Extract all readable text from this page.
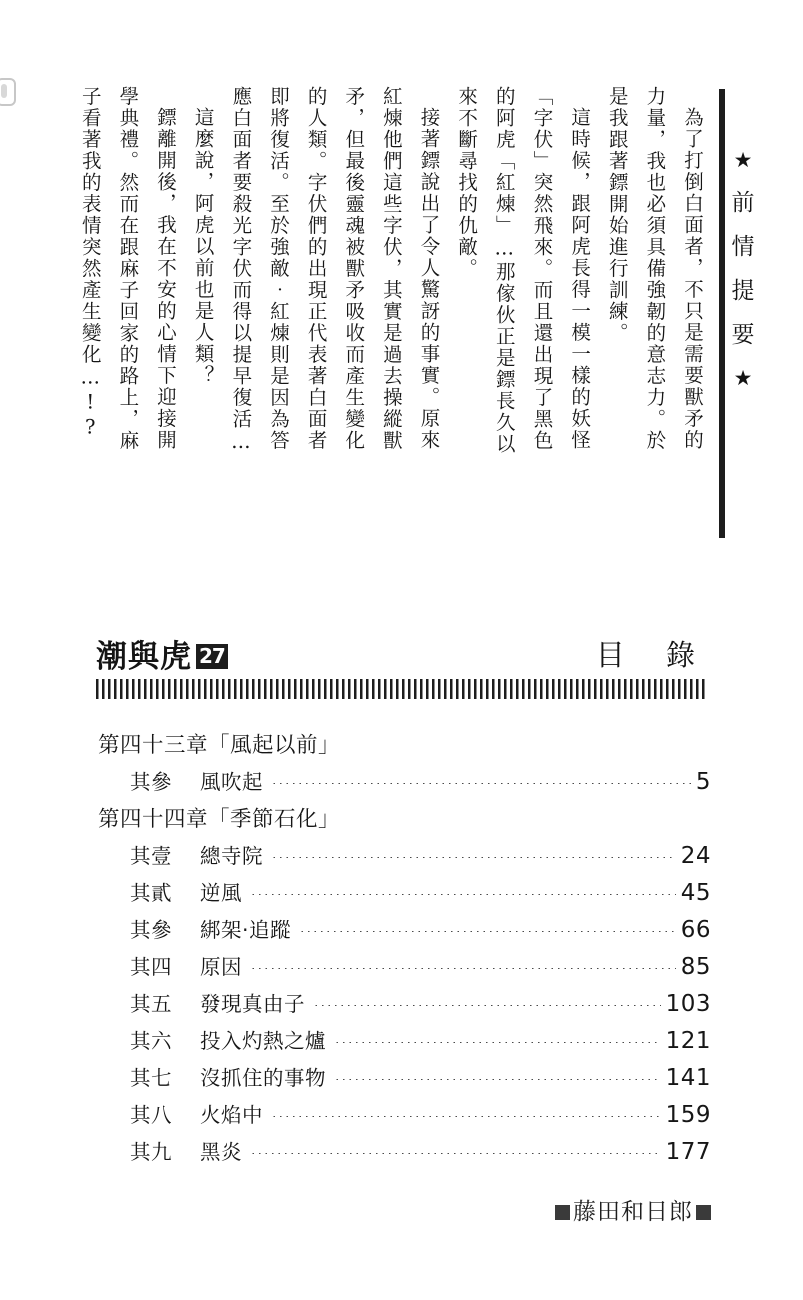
★
前
情
提
要
★
為了打倒白面者，不只是需要獸矛的
力量，我也必須具備強韌的意志力。於
是我跟著鏢開始進行訓練。
這時候，跟阿虎長得一模一樣的妖怪
「字伏」突然飛來。而且還出現了黑色
的阿虎「紅煉」…那傢伙正是鏢長久以
來不斷尋找的仇敵。
接著鏢說出了令人驚訝的事實。原來
紅煉他們這些字伏，其實是過去操縱獸
矛，但最後靈魂被獸矛吸收而產生變化
的人類。字伏們的出現正代表著白面者
即將復活。至於強敵‧紅煉則是因為答
應白面者要殺光字伏而得以提早復活…
這麼說，阿虎以前也是人類？
鏢離開後，我在不安的心情下迎接開
學典禮。然而在跟麻子回家的路上，麻
子看著我的表情突然產生變化…!?
潮與虎 27	目 錄
第四十三章「風起以前」
其參	風吹起	5
第四十四章「季節石化」
其壹	總寺院	24
其貳	逆風	45
其參	綁架‧追蹤	66
其四	原因	85
其五	發現真由子	103
其六	投入灼熱之爐	121
其七	沒抓住的事物	141
其八	火焰中	159
其九	黑炎	177
藤田和日郎
